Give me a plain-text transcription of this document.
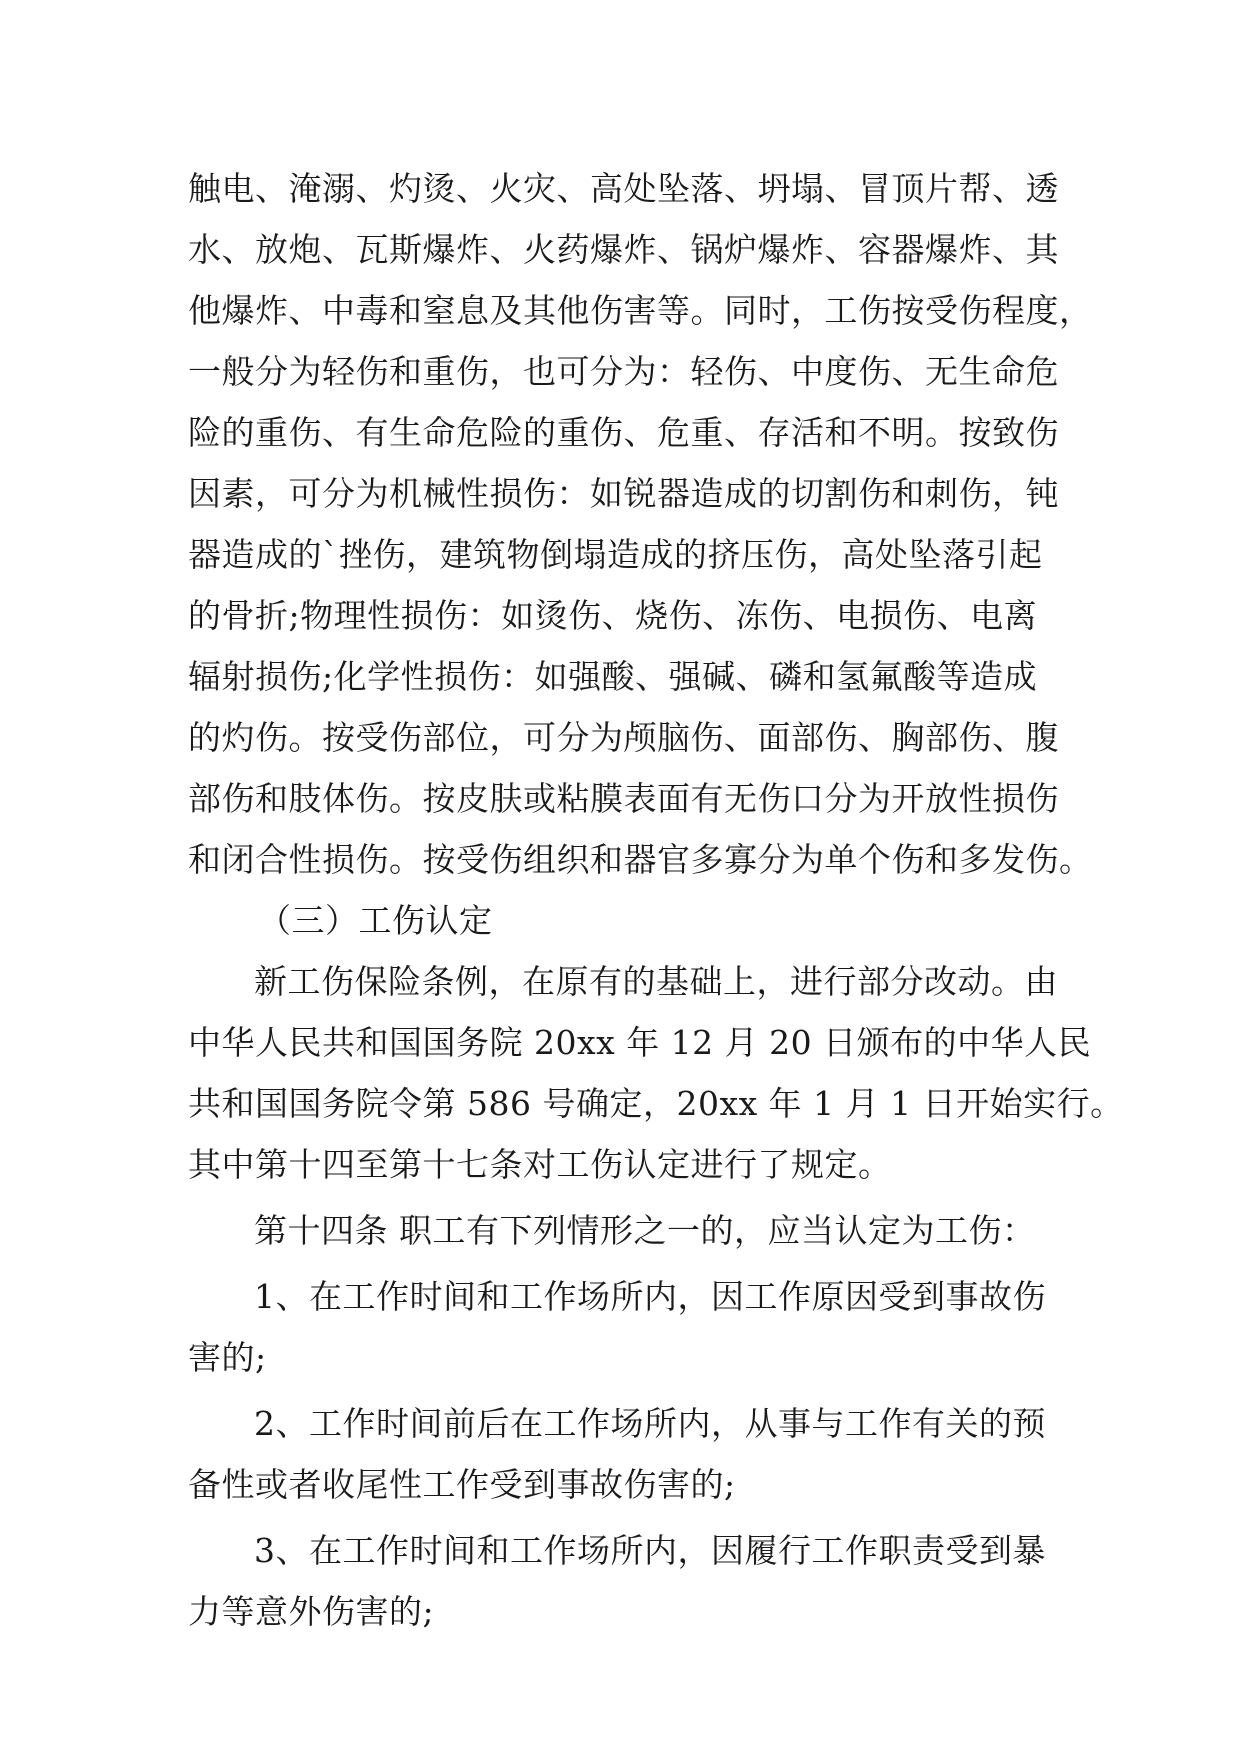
触电、淹溺、灼烫、火灾、高处坠落、坍塌、冒顶片帮、透
水、放炮、瓦斯爆炸、火药爆炸、锅炉爆炸、容器爆炸、其
他爆炸、中毒和窒息及其他伤害等。同时，工伤按受伤程度，
一般分为轻伤和重伤，也可分为：轻伤、中度伤、无生命危
险的重伤、有生命危险的重伤、危重、存活和不明。按致伤
因素，可分为机械性损伤：如锐器造成的切割伤和刺伤，钝
器造成的`挫伤，建筑物倒塌造成的挤压伤，高处坠落引起
的骨折;物理性损伤：如烫伤、烧伤、冻伤、电损伤、电离
辐射损伤;化学性损伤：如强酸、强碱、磷和氢氟酸等造成
的灼伤。按受伤部位，可分为颅脑伤、面部伤、胸部伤、腹
部伤和肢体伤。按皮肤或粘膜表面有无伤口分为开放性损伤
和闭合性损伤。按受伤组织和器官多寡分为单个伤和多发伤。
（三）工伤认定
新工伤保险条例，在原有的基础上，进行部分改动。由
中华人民共和国国务院 20xx 年 12 月 20 日颁布的中华人民
共和国国务院令第 586 号确定，20xx 年 1 月 1 日开始实行。
其中第十四至第十七条对工伤认定进行了规定。
第十四条 职工有下列情形之一的，应当认定为工伤：
1、在工作时间和工作场所内，因工作原因受到事故伤
害的;
2、工作时间前后在工作场所内，从事与工作有关的预
备性或者收尾性工作受到事故伤害的;
3、在工作时间和工作场所内，因履行工作职责受到暴
力等意外伤害的;
